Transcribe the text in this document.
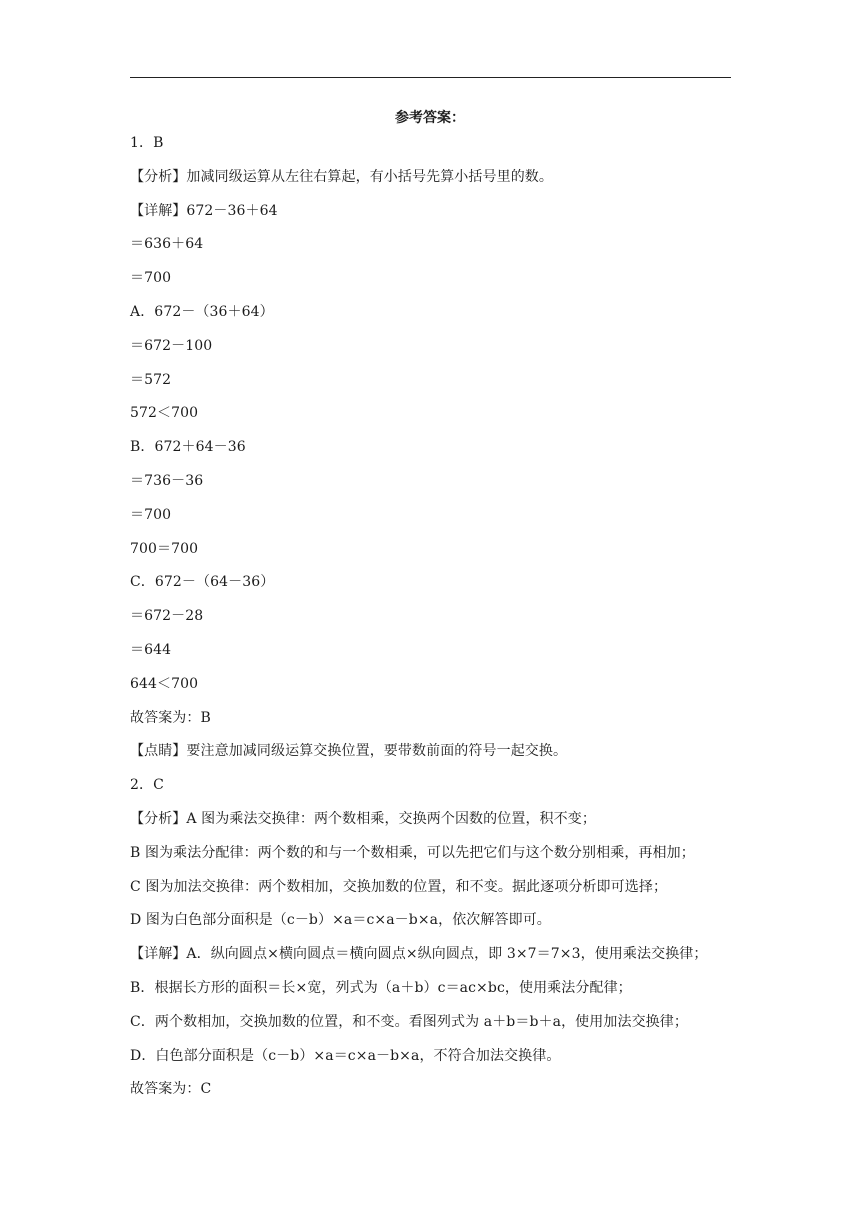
参考答案：
1．B
【分析】加减同级运算从左往右算起，有小括号先算小括号里的数。
【详解】672－36＋64
＝636＋64
＝700
A．672－（36＋64）
＝672－100
＝572
572＜700
B．672＋64－36
＝736－36
＝700
700＝700
C．672－（64－36）
＝672－28
＝644
644＜700
故答案为：B
【点睛】要注意加减同级运算交换位置，要带数前面的符号一起交换。
2．C
【分析】A 图为乘法交换律：两个数相乘，交换两个因数的位置，积不变；
B 图为乘法分配律：两个数的和与一个数相乘，可以先把它们与这个数分别相乘，再相加；
C 图为加法交换律：两个数相加，交换加数的位置，和不变。据此逐项分析即可选择；
D 图为白色部分面积是（c－b）×a＝c×a－b×a，依次解答即可。
【详解】A．纵向圆点×横向圆点＝横向圆点×纵向圆点，即 3×7＝7×3，使用乘法交换律；
B．根据长方形的面积＝长×宽，列式为（a＋b）c＝ac×bc，使用乘法分配律；
C．两个数相加，交换加数的位置，和不变。看图列式为 a＋b＝b＋a，使用加法交换律；
D．白色部分面积是（c－b）×a＝c×a－b×a，不符合加法交换律。
故答案为：C
